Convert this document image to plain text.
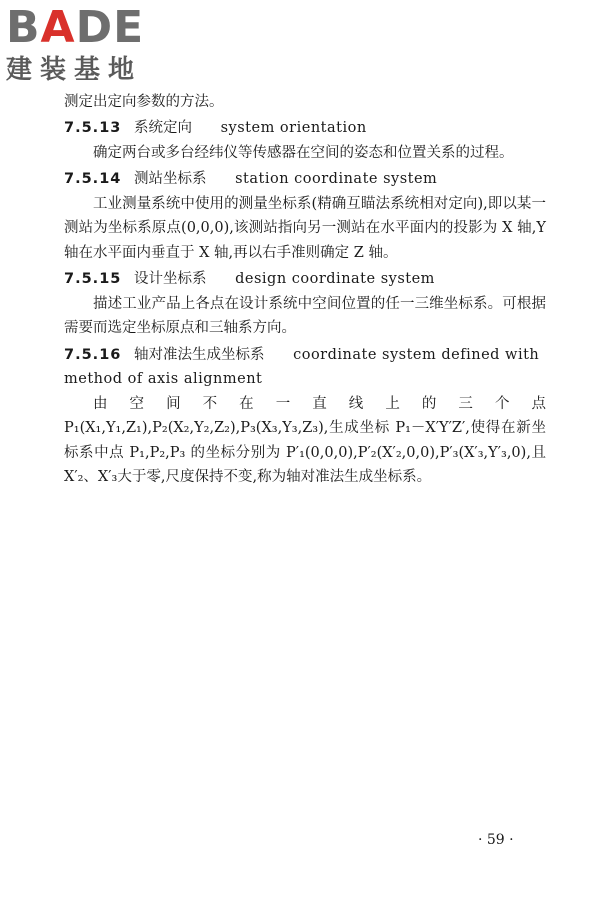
BADE
建装基地
测定出定向参数的方法。
7.5.13 系统定向 system orientation

确定两台或多台经纬仪等传感器在空间的姿态和位置关系的过程。

7.5.14 测站坐标系 station coordinate system

工业测量系统中使用的测量坐标系(精确互瞄法系统相对定向),即以某一测站为坐标系原点(0,0,0),该测站指向另一测站在水平面内的投影为 X 轴,Y 轴在水平面内垂直于 X 轴,再以右手准则确定 Z 轴。

7.5.15 设计坐标系 design coordinate system

描述工业产品上各点在设计系统中空间位置的任一三维坐标系。可根据需要而选定坐标原点和三轴系方向。

7.5.16 轴对准法生成坐标系 coordinate system defined with method of axis alignment

由空间不在一直线上的三个点 P₁(X₁,Y₁,Z₁),P₂(X₂,Y₂,Z₂),P₃(X₃,Y₃,Z₃),生成坐标 P₁－X′Y′Z′,使得在新坐标系中点 P₁,P₂,P₃ 的坐标分别为 P′₁(0,0,0),P′₂(X′₂,0,0),P′₃(X′₃,Y′₃,0),且 X′₂、X′₃大于零,尺度保持不变,称为轴对准法生成坐标系。

· 59 ·
